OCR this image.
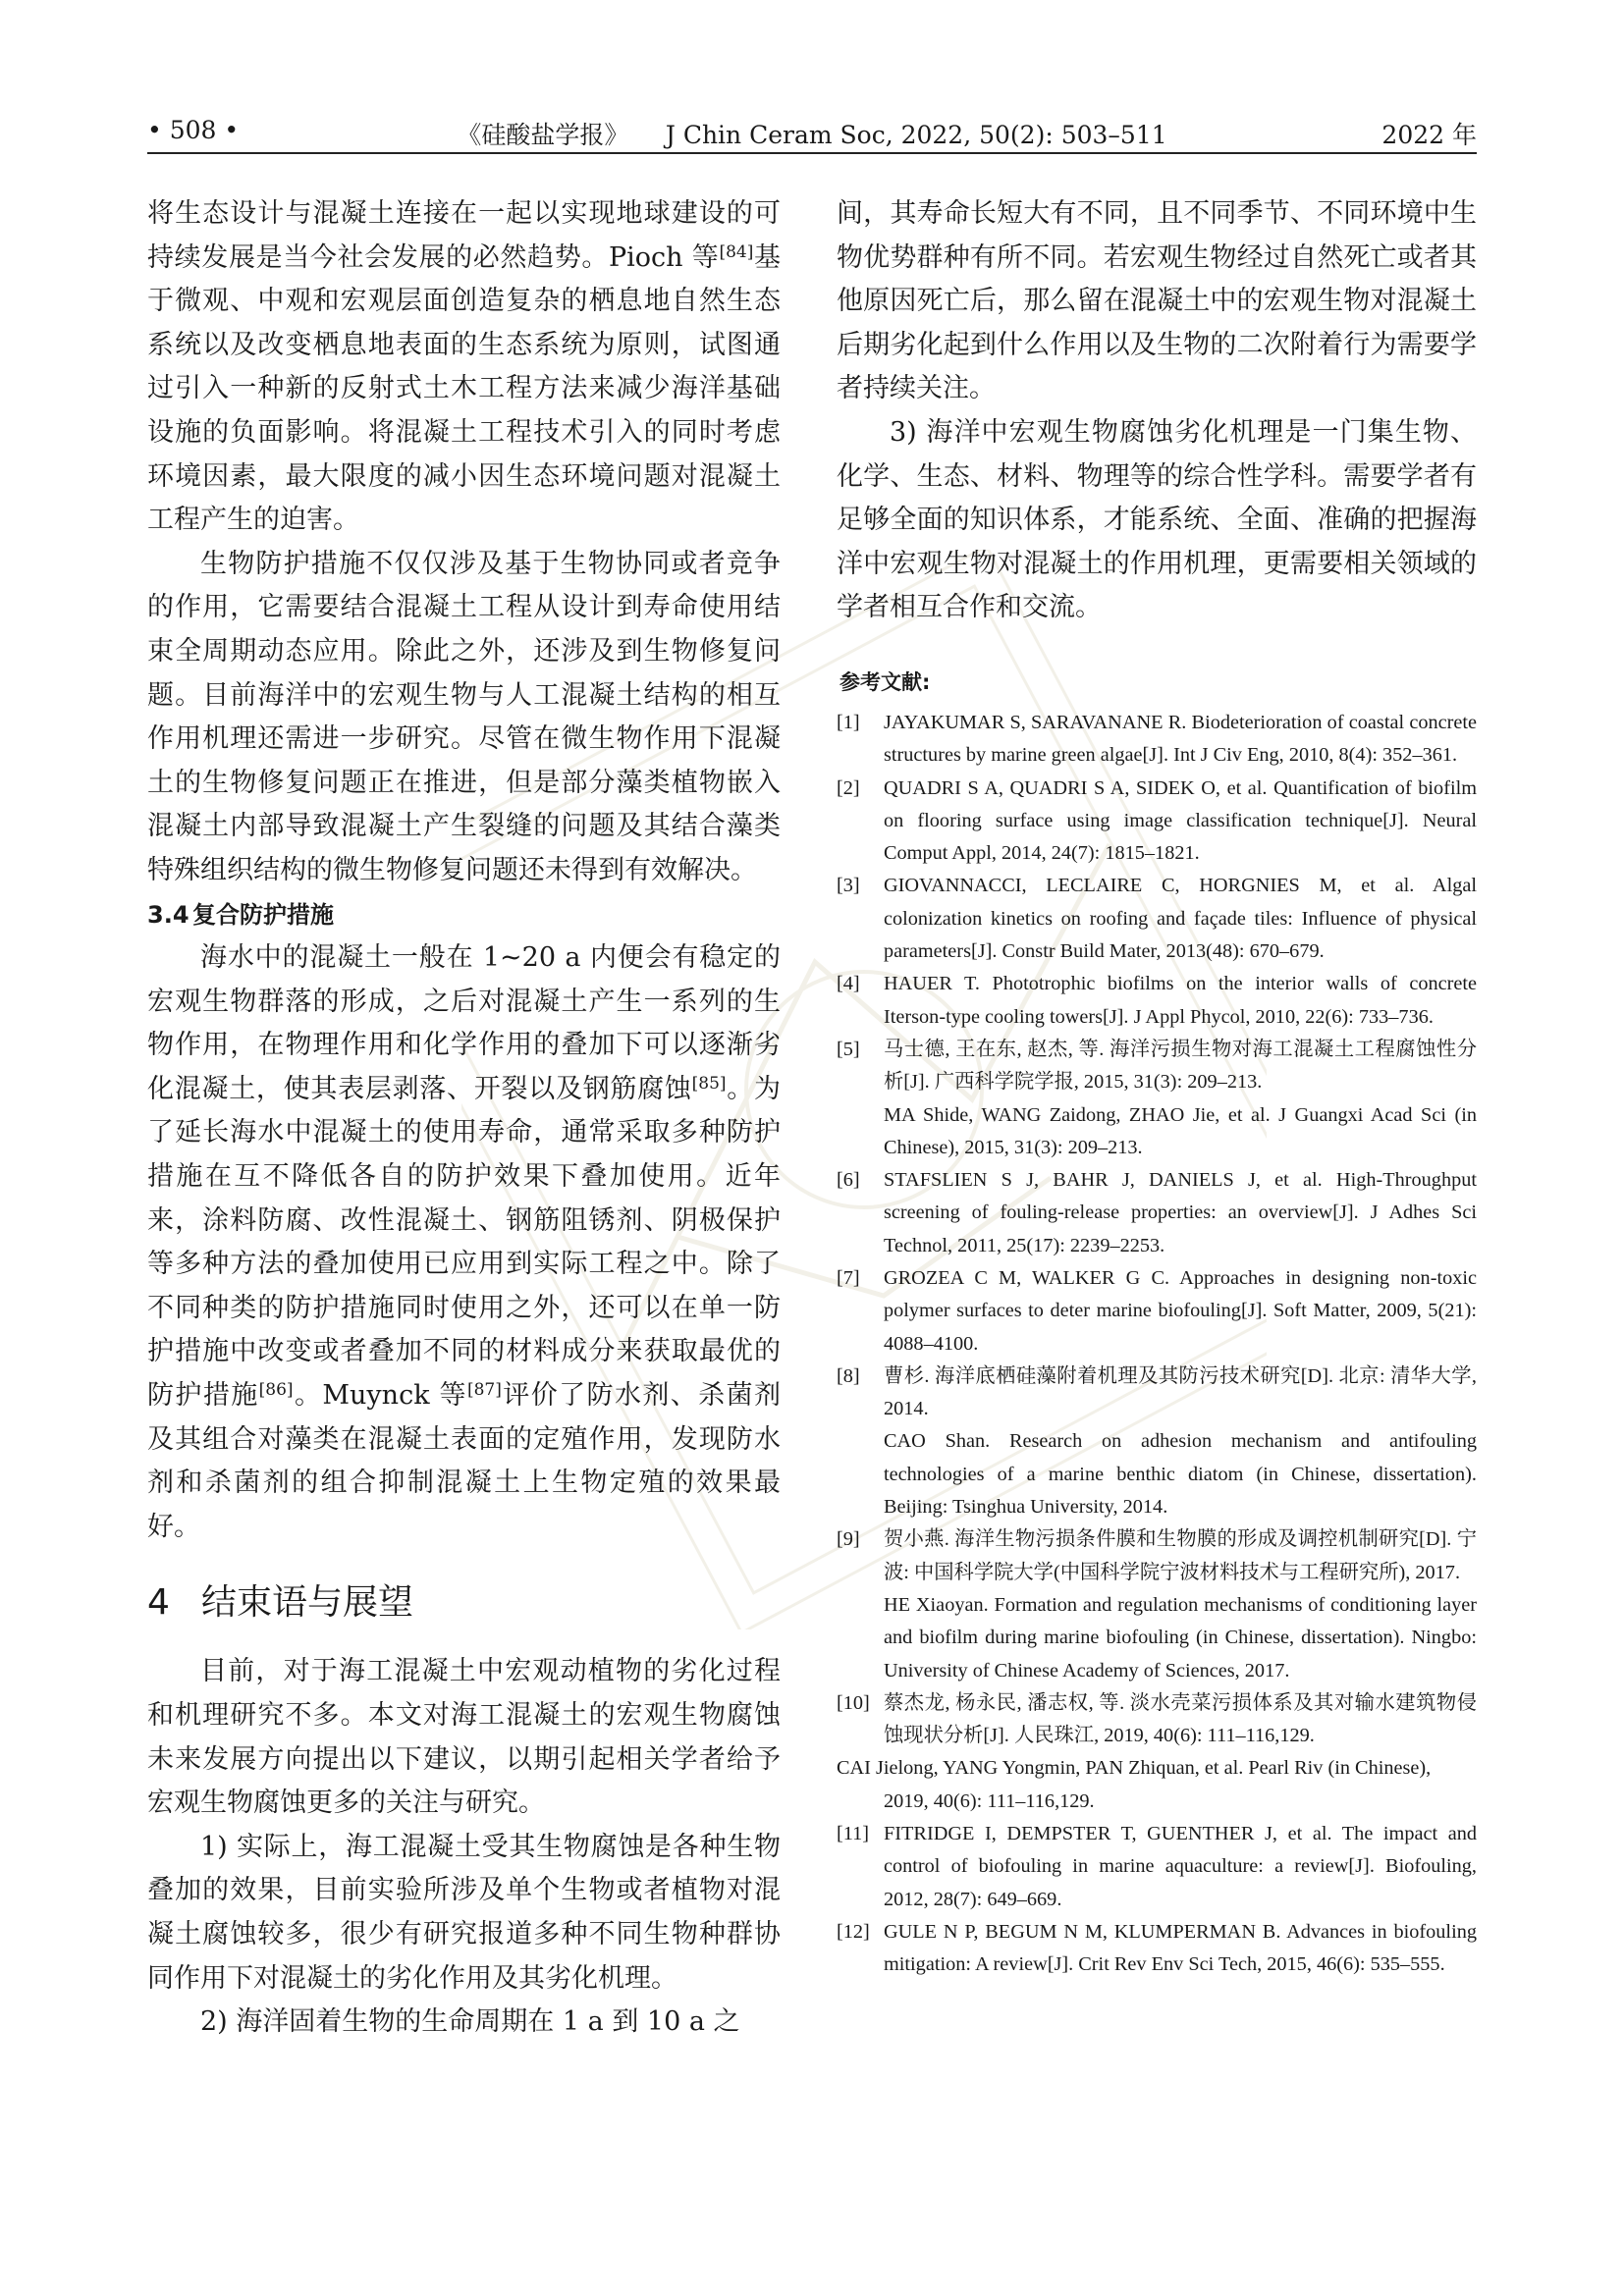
• 508 •	《硅酸盐学报》　　J Chin Ceram Soc, 2022, 50(2): 503–511	2022 年

将生态设计与混凝土连接在一起以实现地球建设的可持续发展是当今社会发展的必然趋势。Pioch 等[84]基于微观、中观和宏观层面创造复杂的栖息地自然生态系统以及改变栖息地表面的生态系统为原则，试图通过引入一种新的反射式土木工程方法来减少海洋基础设施的负面影响。将混凝土工程技术引入的同时考虑环境因素，最大限度的减小因生态环境问题对混凝土工程产生的迫害。

生物防护措施不仅仅涉及基于生物协同或者竞争的作用，它需要结合混凝土工程从设计到寿命使用结束全周期动态应用。除此之外，还涉及到生物修复问题。目前海洋中的宏观生物与人工混凝土结构的相互作用机理还需进一步研究。尽管在微生物作用下混凝土的生物修复问题正在推进，但是部分藻类植物嵌入混凝土内部导致混凝土产生裂缝的问题及其结合藻类特殊组织结构的微生物修复问题还未得到有效解决。

3.4 复合防护措施

海水中的混凝土一般在 1~20 a 内便会有稳定的宏观生物群落的形成，之后对混凝土产生一系列的生物作用，在物理作用和化学作用的叠加下可以逐渐劣化混凝土，使其表层剥落、开裂以及钢筋腐蚀[85]。为了延长海水中混凝土的使用寿命，通常采取多种防护措施在互不降低各自的防护效果下叠加使用。近年来，涂料防腐、改性混凝土、钢筋阻锈剂、阴极保护等多种方法的叠加使用已应用到实际工程之中。除了不同种类的防护措施同时使用之外，还可以在单一防护措施中改变或者叠加不同的材料成分来获取最优的防护措施[86]。Muynck 等[87]评价了防水剂、杀菌剂及其组合对藻类在混凝土表面的定殖作用，发现防水剂和杀菌剂的组合抑制混凝土上生物定殖的效果最好。

4 结束语与展望

目前，对于海工混凝土中宏观动植物的劣化过程和机理研究不多。本文对海工混凝土的宏观生物腐蚀未来发展方向提出以下建议，以期引起相关学者给予宏观生物腐蚀更多的关注与研究。

1) 实际上，海工混凝土受其生物腐蚀是各种生物叠加的效果，目前实验所涉及单个生物或者植物对混凝土腐蚀较多，很少有研究报道多种不同生物种群协同作用下对混凝土的劣化作用及其劣化机理。

2) 海洋固着生物的生命周期在 1 a 到 10 a 之

间，其寿命长短大有不同，且不同季节、不同环境中生物优势群种有所不同。若宏观生物经过自然死亡或者其他原因死亡后，那么留在混凝土中的宏观生物对混凝土后期劣化起到什么作用以及生物的二次附着行为需要学者持续关注。

3) 海洋中宏观生物腐蚀劣化机理是一门集生物、化学、生态、材料、物理等的综合性学科。需要学者有足够全面的知识体系，才能系统、全面、准确的把握海洋中宏观生物对混凝土的作用机理，更需要相关领域的学者相互合作和交流。

参考文献:
[1] JAYAKUMAR S, SARAVANANE R. Biodeterioration of coastal concrete structures by marine green algae[J]. Int J Civ Eng, 2010, 8(4): 352–361.
[2] QUADRI S A, QUADRI S A, SIDEK O, et al. Quantification of biofilm on flooring surface using image classification technique[J]. Neural Comput Appl, 2014, 24(7): 1815–1821.
[3] GIOVANNACCI, LECLAIRE C, HORGNIES M, et al. Algal colonization kinetics on roofing and façade tiles: Influence of physical parameters[J]. Constr Build Mater, 2013(48): 670–679.
[4] HAUER T. Phototrophic biofilms on the interior walls of concrete Iterson-type cooling towers[J]. J Appl Phycol, 2010, 22(6): 733–736.
[5] 马士德, 王在东, 赵杰, 等. 海洋污损生物对海工混凝土工程腐蚀性分析[J]. 广西科学院学报, 2015, 31(3): 209–213.
MA Shide, WANG Zaidong, ZHAO Jie, et al. J Guangxi Acad Sci (in Chinese), 2015, 31(3): 209–213.
[6] STAFSLIEN S J, BAHR J, DANIELS J, et al. High-Throughput screening of fouling-release properties: an overview[J]. J Adhes Sci Technol, 2011, 25(17): 2239–2253.
[7] GROZEA C M, WALKER G C. Approaches in designing non-toxic polymer surfaces to deter marine biofouling[J]. Soft Matter, 2009, 5(21): 4088–4100.
[8] 曹杉. 海洋底栖硅藻附着机理及其防污技术研究[D]. 北京: 清华大学, 2014.
CAO Shan. Research on adhesion mechanism and antifouling technologies of a marine benthic diatom (in Chinese, dissertation). Beijing: Tsinghua University, 2014.
[9] 贺小燕. 海洋生物污损条件膜和生物膜的形成及调控机制研究[D]. 宁波: 中国科学院大学(中国科学院宁波材料技术与工程研究所), 2017.
HE Xiaoyan. Formation and regulation mechanisms of conditioning layer and biofilm during marine biofouling (in Chinese, dissertation). Ningbo: University of Chinese Academy of Sciences, 2017.
[10] 蔡杰龙, 杨永民, 潘志权, 等. 淡水壳菜污损体系及其对输水建筑物侵蚀现状分析[J]. 人民珠江, 2019, 40(6): 111–116,129.
CAI Jielong, YANG Yongmin, PAN Zhiquan, et al. Pearl Riv (in Chinese),
2019, 40(6): 111–116,129.
[11] FITRIDGE I, DEMPSTER T, GUENTHER J, et al. The impact and control of biofouling in marine aquaculture: a review[J]. Biofouling, 2012, 28(7): 649–669.
[12] GULE N P, BEGUM N M, KLUMPERMAN B. Advances in biofouling mitigation: A review[J]. Crit Rev Env Sci Tech, 2015, 46(6): 535–555.
